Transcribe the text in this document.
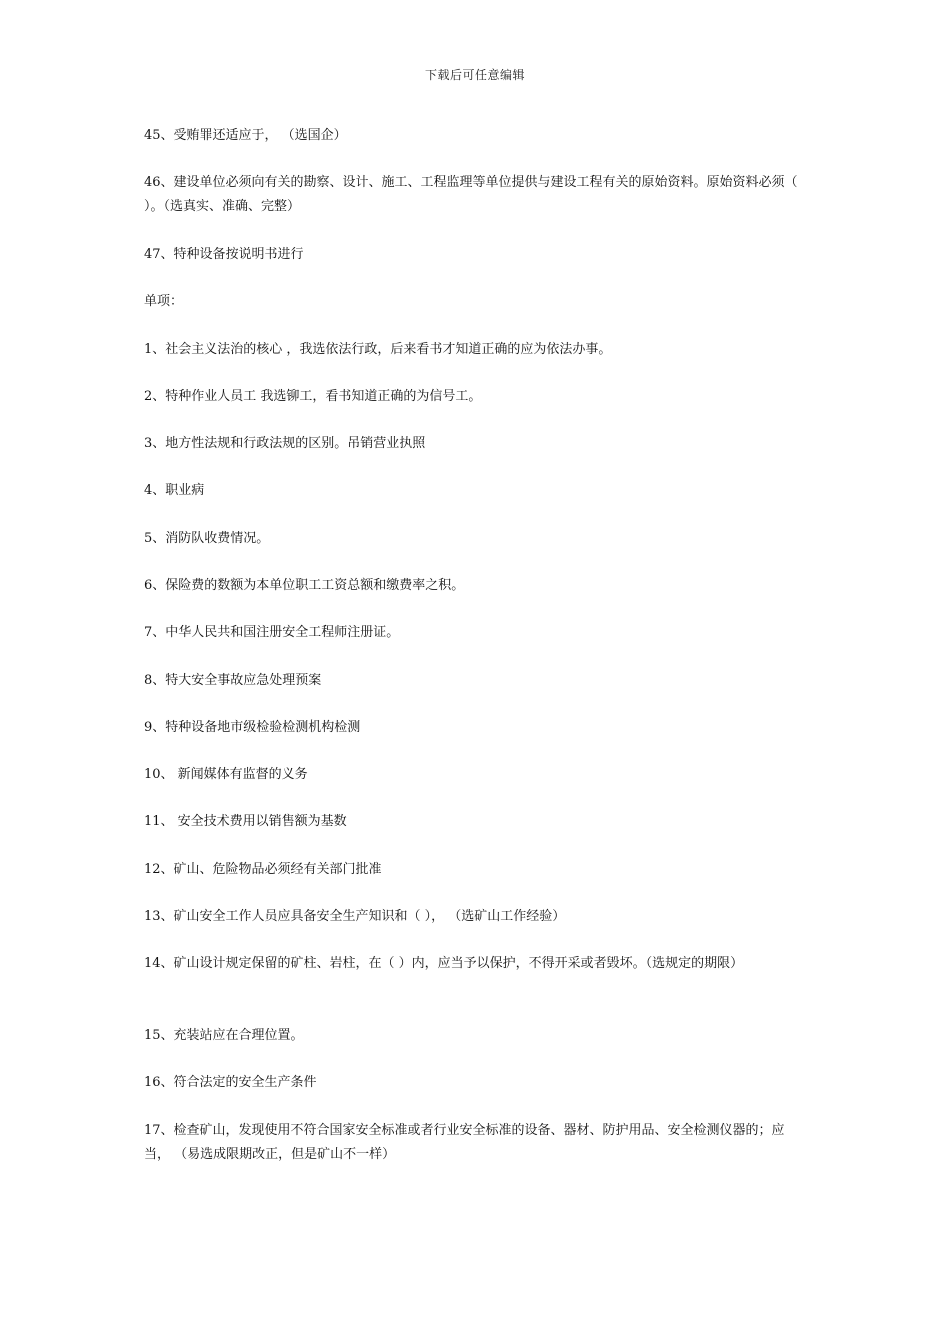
下载后可任意编辑
45、受贿罪还适应于， （选国企）
46、建设单位必须向有关的勘察、设计、施工、工程监理等单位提供与建设工程有关的原始资料。原始资料必须（ ）。（选真实、准确、完整）
47、特种设备按说明书进行
单项：
1、社会主义法治的核心 ，我选依法行政，后来看书才知道正确的应为依法办事。
2、特种作业人员工 我选铆工，看书知道正确的为信号工。
3、地方性法规和行政法规的区别。吊销营业执照
4、职业病
5、消防队收费情况。
6、保险费的数额为本单位职工工资总额和缴费率之积。
7、中华人民共和国注册安全工程师注册证。
8、特大安全事故应急处理预案
9、特种设备地市级检验检测机构检测
10、 新闻媒体有监督的义务
11、 安全技术费用以销售额为基数
12、矿山、危险物品必须经有关部门批准
13、矿山安全工作人员应具备安全生产知识和（ ）， （选矿山工作经验）
14、矿山设计规定保留的矿柱、岩柱，在（ ）内，应当予以保护，不得开采或者毁坏。（选规定的期限）
15、充装站应在合理位置。
16、符合法定的安全生产条件
17、检查矿山，发现使用不符合国家安全标准或者行业安全标准的设备、器材、防护用品、安全检测仪器的；应当， （易选成限期改正，但是矿山不一样）
